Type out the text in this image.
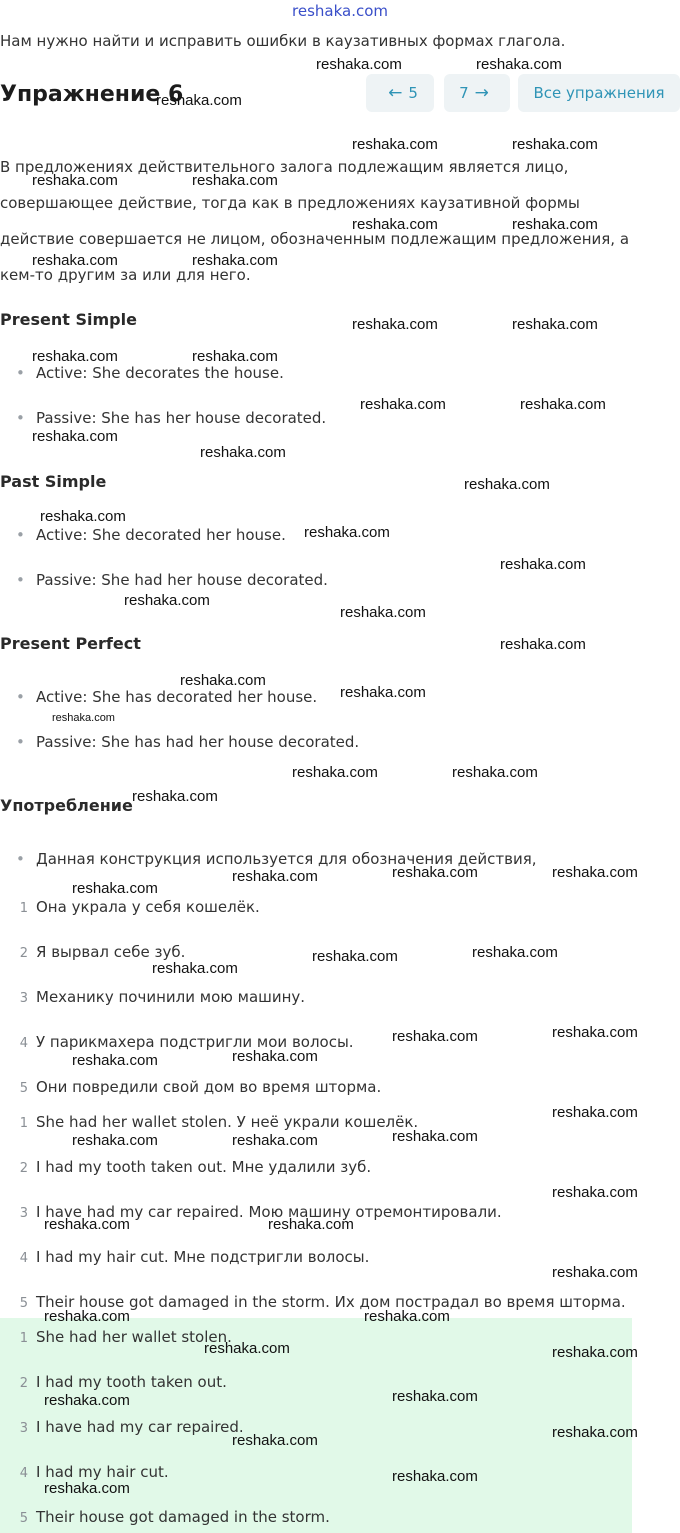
reshaka.com
Нам нужно найти и исправить ошибки в каузативных формах глагола.
Упражнение 6	← 5	7 →	Все упражнения
В предложениях действительного залога подлежащим является лицо,
совершающее действие, тогда как в предложениях каузативной формы
действие совершается не лицом, обозначенным подлежащим предложения, а
кем-то другим за или для него.
Present Simple
• Active: She decorates the house.
• Passive: She has her house decorated.
Past Simple
• Active: She decorated her house.
• Passive: She had her house decorated.
Present Perfect
• Active: She has decorated her house.
• Passive: She has had her house decorated.
Употребление
• Данная конструкция используется для обозначения действия,
1 Она украла у себя кошелёк.
2 Я вырвал себе зуб.
3 Механику починили мою машину.
4 У парикмахера подстригли мои волосы.
5 Они повредили свой дом во время шторма.
1 She had her wallet stolen. У неё украли кошелёк.
2 I had my tooth taken out. Мне удалили зуб.
3 I have had my car repaired. Мою машину отремонтировали.
4 I had my hair cut. Мне подстригли волосы.
5 Their house got damaged in the storm. Их дом пострадал во время шторма.
1 She had her wallet stolen.
2 I had my tooth taken out.
3 I have had my car repaired.
4 I had my hair cut.
5 Their house got damaged in the storm.
reshaka.com	reshaka.com
reshaka.com
reshaka.com	reshaka.com
reshaka.com	reshaka.com
reshaka.com	reshaka.com
reshaka.com	reshaka.com
reshaka.com	reshaka.com
reshaka.com	reshaka.com
reshaka.com	reshaka.com
reshaka.com
reshaka.com
reshaka.com
reshaka.com
reshaka.com
reshaka.com
reshaka.com
reshaka.com
reshaka.com
reshaka.com
reshaka.com
reshaka.com
reshaka.com	reshaka.com
reshaka.com
reshaka.com	reshaka.com	reshaka.com
reshaka.com
reshaka.com	reshaka.com
reshaka.com
reshaka.com	reshaka.com
reshaka.com
reshaka.com
reshaka.com
reshaka.com
reshaka.com	reshaka.com
reshaka.com
reshaka.com	reshaka.com
reshaka.com
reshaka.com	reshaka.com
reshaka.com	reshaka.com
reshaka.com
reshaka.com
reshaka.com
reshaka.com
reshaka.com
reshaka.com
